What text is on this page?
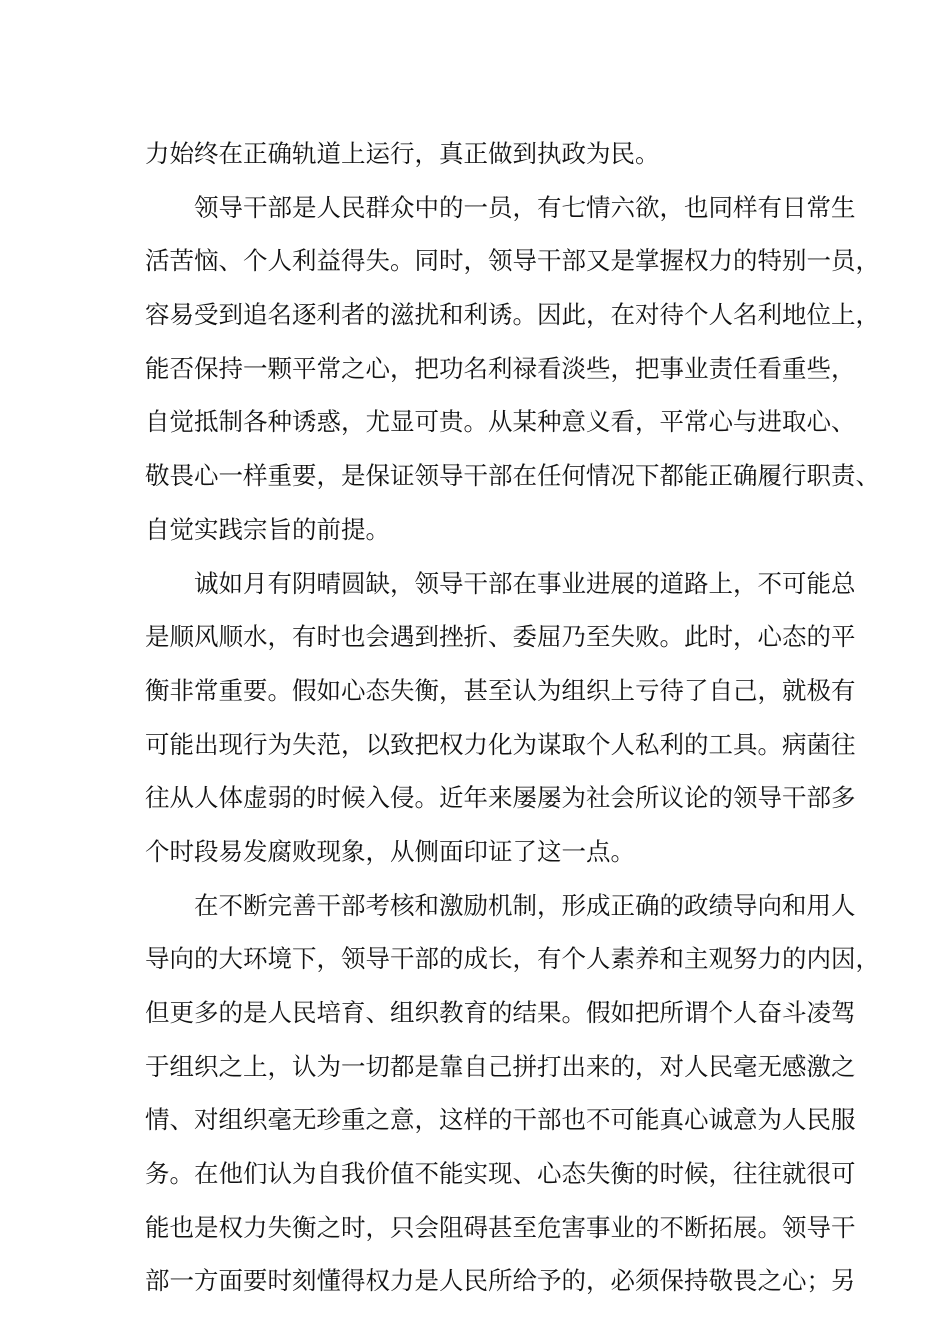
力始终在正确轨道上运行，真正做到执政为民。
领导干部是人民群众中的一员，有七情六欲，也同样有日常生
活苦恼、个人利益得失。同时，领导干部又是掌握权力的特别一员，
容易受到追名逐利者的滋扰和利诱。因此，在对待个人名利地位上，
能否保持一颗平常之心，把功名利禄看淡些，把事业责任看重些，
自觉抵制各种诱惑，尤显可贵。从某种意义看，平常心与进取心、
敬畏心一样重要，是保证领导干部在任何情况下都能正确履行职责、
自觉实践宗旨的前提。
诚如月有阴晴圆缺，领导干部在事业进展的道路上，不可能总
是顺风顺水，有时也会遇到挫折、委屈乃至失败。此时，心态的平
衡非常重要。假如心态失衡，甚至认为组织上亏待了自己，就极有
可能出现行为失范，以致把权力化为谋取个人私利的工具。病菌往
往从人体虚弱的时候入侵。近年来屡屡为社会所议论的领导干部多
个时段易发腐败现象，从侧面印证了这一点。
在不断完善干部考核和激励机制，形成正确的政绩导向和用人
导向的大环境下，领导干部的成长，有个人素养和主观努力的内因，
但更多的是人民培育、组织教育的结果。假如把所谓个人奋斗凌驾
于组织之上，认为一切都是靠自己拼打出来的，对人民毫无感激之
情、对组织毫无珍重之意，这样的干部也不可能真心诚意为人民服
务。在他们认为自我价值不能实现、心态失衡的时候，往往就很可
能也是权力失衡之时，只会阻碍甚至危害事业的不断拓展。领导干
部一方面要时刻懂得权力是人民所给予的，必须保持敬畏之心；另
